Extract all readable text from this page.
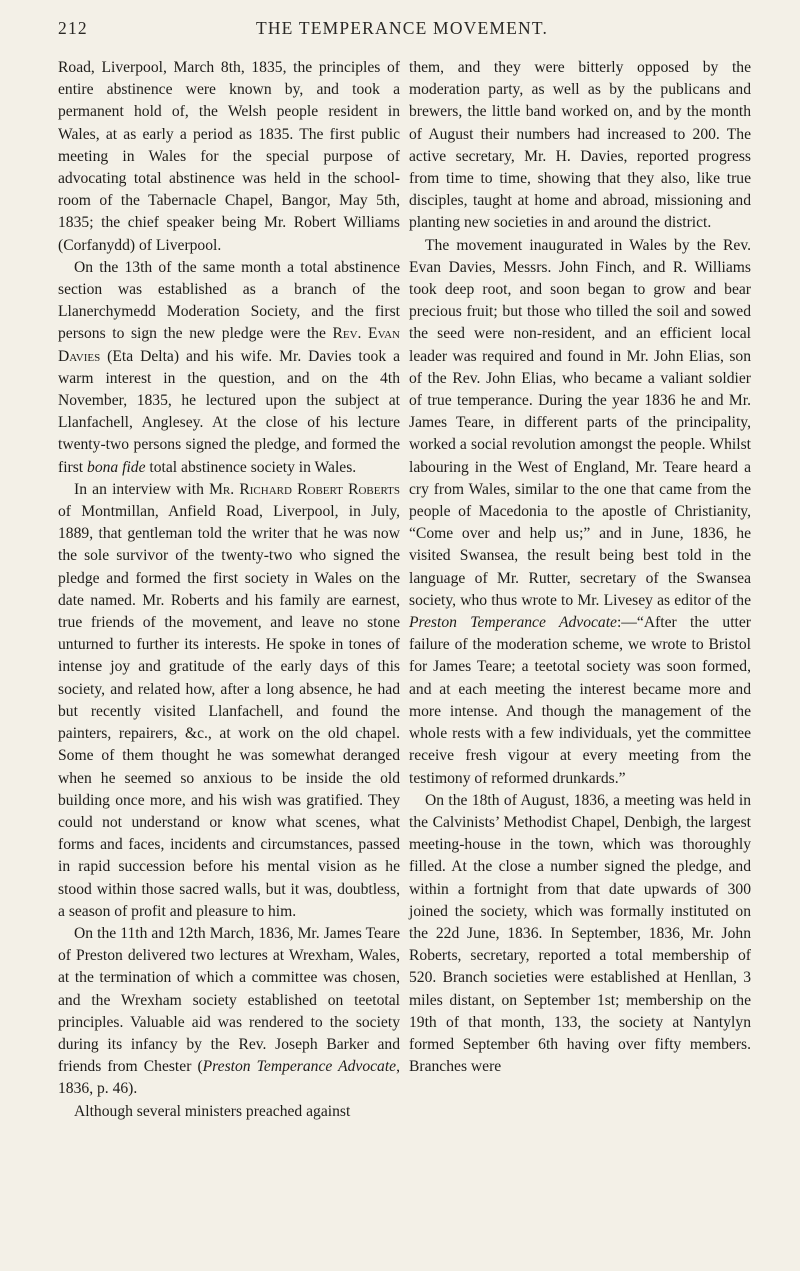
212	THE TEMPERANCE MOVEMENT.

Road, Liverpool, March 8th, 1835, the principles of entire abstinence were known by, and took a permanent hold of, the Welsh people resident in Wales, at as early a period as 1835. The first public meeting in Wales for the special purpose of advocating total abstinence was held in the school-room of the Tabernacle Chapel, Bangor, May 5th, 1835; the chief speaker being Mr. Robert Williams (Corfanydd) of Liverpool.

On the 13th of the same month a total abstinence section was established as a branch of the Llanerchymedd Moderation Society, and the first persons to sign the new pledge were the Rev. Evan Davies (Eta Delta) and his wife. Mr. Davies took a warm interest in the question, and on the 4th November, 1835, he lectured upon the subject at Llanfachell, Anglesey. At the close of his lecture twenty-two persons signed the pledge, and formed the first bona fide total abstinence society in Wales.

In an interview with Mr. Richard Robert Roberts of Montmillan, Anfield Road, Liverpool, in July, 1889, that gentleman told the writer that he was now the sole survivor of the twenty-two who signed the pledge and formed the first society in Wales on the date named. Mr. Roberts and his family are earnest, true friends of the movement, and leave no stone unturned to further its interests. He spoke in tones of intense joy and gratitude of the early days of this society, and related how, after a long absence, he had but recently visited Llanfachell, and found the painters, repairers, &c., at work on the old chapel. Some of them thought he was somewhat deranged when he seemed so anxious to be inside the old building once more, and his wish was gratified. They could not understand or know what scenes, what forms and faces, incidents and circumstances, passed in rapid succession before his mental vision as he stood within those sacred walls, but it was, doubtless, a season of profit and pleasure to him.

On the 11th and 12th March, 1836, Mr. James Teare of Preston delivered two lectures at Wrexham, Wales, at the termination of which a committee was chosen, and the Wrexham society established on teetotal principles. Valuable aid was rendered to the society during its infancy by the Rev. Joseph Barker and friends from Chester (Preston Temperance Advocate, 1836, p. 46).

Although several ministers preached against

them, and they were bitterly opposed by the moderation party, as well as by the publicans and brewers, the little band worked on, and by the month of August their numbers had increased to 200. The active secretary, Mr. H. Davies, reported progress from time to time, showing that they also, like true disciples, taught at home and abroad, missioning and planting new societies in and around the district.

The movement inaugurated in Wales by the Rev. Evan Davies, Messrs. John Finch, and R. Williams took deep root, and soon began to grow and bear precious fruit; but those who tilled the soil and sowed the seed were non-resident, and an efficient local leader was required and found in Mr. John Elias, son of the Rev. John Elias, who became a valiant soldier of true temperance. During the year 1836 he and Mr. James Teare, in different parts of the principality, worked a social revolution amongst the people. Whilst labouring in the West of England, Mr. Teare heard a cry from Wales, similar to the one that came from the people of Macedonia to the apostle of Christianity, “Come over and help us;” and in June, 1836, he visited Swansea, the result being best told in the language of Mr. Rutter, secretary of the Swansea society, who thus wrote to Mr. Livesey as editor of the Preston Temperance Advocate:—“After the utter failure of the moderation scheme, we wrote to Bristol for James Teare; a teetotal society was soon formed, and at each meeting the interest became more and more intense. And though the management of the whole rests with a few individuals, yet the committee receive fresh vigour at every meeting from the testimony of reformed drunkards.”

On the 18th of August, 1836, a meeting was held in the Calvinists’ Methodist Chapel, Denbigh, the largest meeting-house in the town, which was thoroughly filled. At the close a number signed the pledge, and within a fortnight from that date upwards of 300 joined the society, which was formally instituted on the 22d June, 1836. In September, 1836, Mr. John Roberts, secretary, reported a total membership of 520. Branch societies were established at Henllan, 3 miles distant, on September 1st; membership on the 19th of that month, 133, the society at Nantylyn formed September 6th having over fifty members. Branches were
